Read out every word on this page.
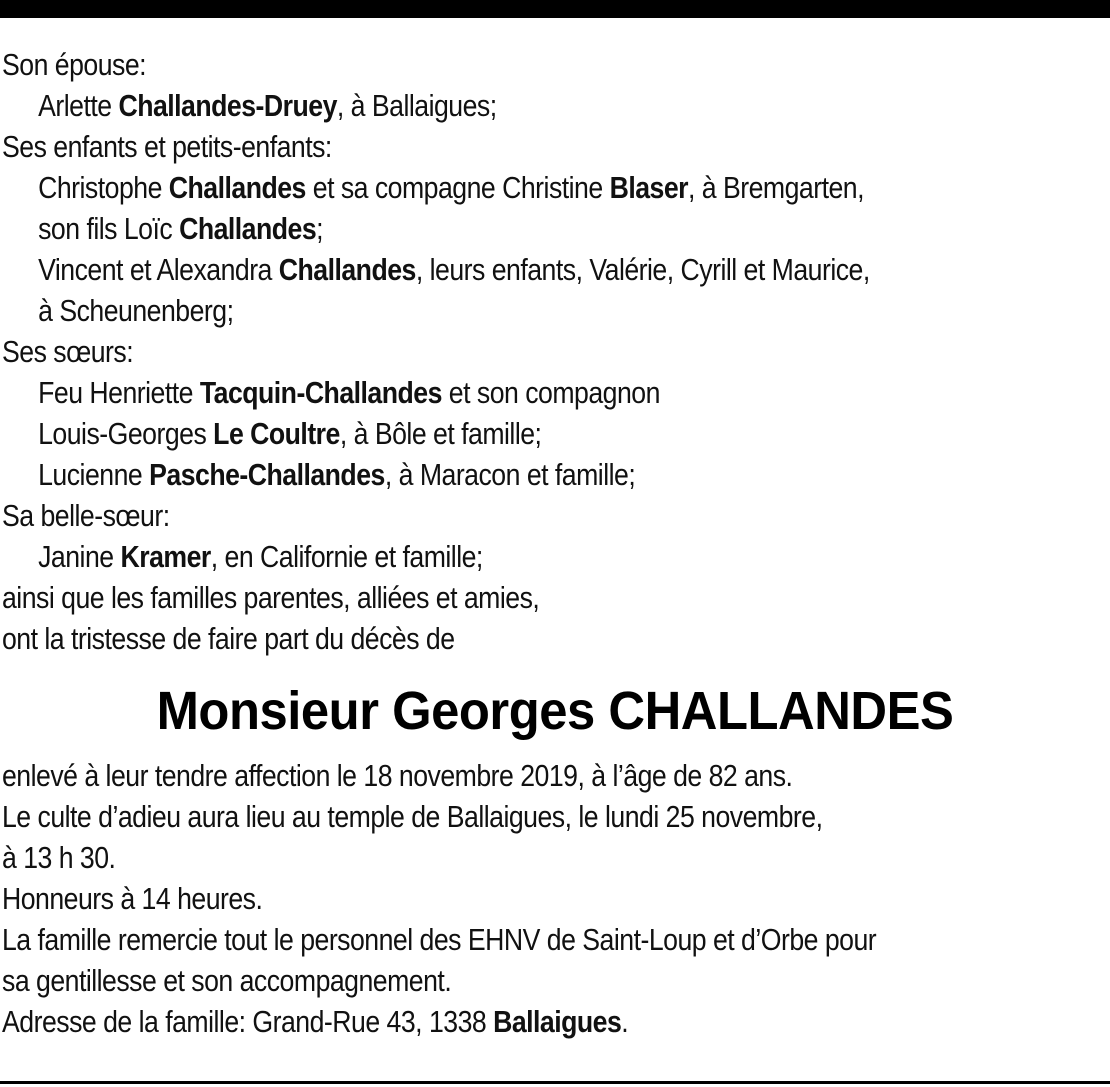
Son épouse:
Arlette Challandes-Druey, à Ballaigues;
Ses enfants et petits-enfants:
Christophe Challandes et sa compagne Christine Blaser, à Bremgarten,
son fils Loïc Challandes;
Vincent et Alexandra Challandes, leurs enfants, Valérie, Cyrill et Maurice,
à Scheunenberg;
Ses sœurs:
Feu Henriette Tacquin-Challandes et son compagnon
Louis-Georges Le Coultre, à Bôle et famille;
Lucienne Pasche-Challandes, à Maracon et famille;
Sa belle-sœur:
Janine Kramer, en Californie et famille;
ainsi que les familles parentes, alliées et amies,
ont la tristesse de faire part du décès de
Monsieur Georges CHALLANDES
enlevé à leur tendre affection le 18 novembre 2019, à l’âge de 82 ans.
Le culte d’adieu aura lieu au temple de Ballaigues, le lundi 25 novembre,
à 13 h 30.
Honneurs à 14 heures.
La famille remercie tout le personnel des EHNV de Saint-Loup et d’Orbe pour
sa gentillesse et son accompagnement.
Adresse de la famille: Grand-Rue 43, 1338 Ballaigues.
